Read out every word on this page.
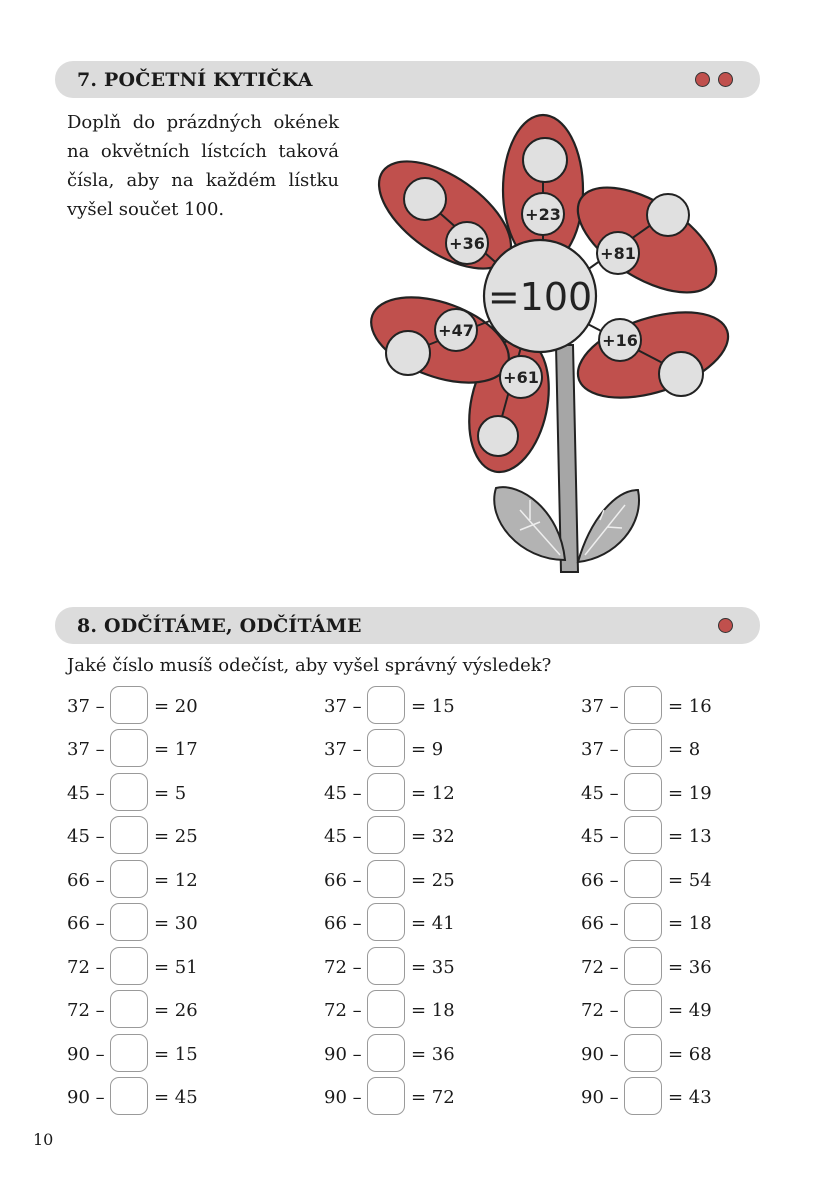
7. POČETNÍ KYTIČKA
Doplň do prázdných okének na okvětních lístcích taková čísla, aby na každém lístku vyšel součet 100.	+23
+81
+16
+61
+47
+36
=100
8. ODČÍTÁME, ODČÍTÁME
Jaké číslo musíš odečíst, aby vyšel správný výsledek?
37 –	= 20
37 –	= 17
45 –	= 5
45 –	= 25
66 –	= 12
66 –	= 30
72 –	= 51
72 –	= 26
90 –	= 15
90 –	= 45
37 –	= 15
37 –	= 9
45 –	= 12
45 –	= 32
66 –	= 25
66 –	= 41
72 –	= 35
72 –	= 18
90 –	= 36
90 –	= 72
37 –	= 16
37 –	= 8
45 –	= 19
45 –	= 13
66 –	= 54
66 –	= 18
72 –	= 36
72 –	= 49
90 –	= 68
90 –	= 43
10
